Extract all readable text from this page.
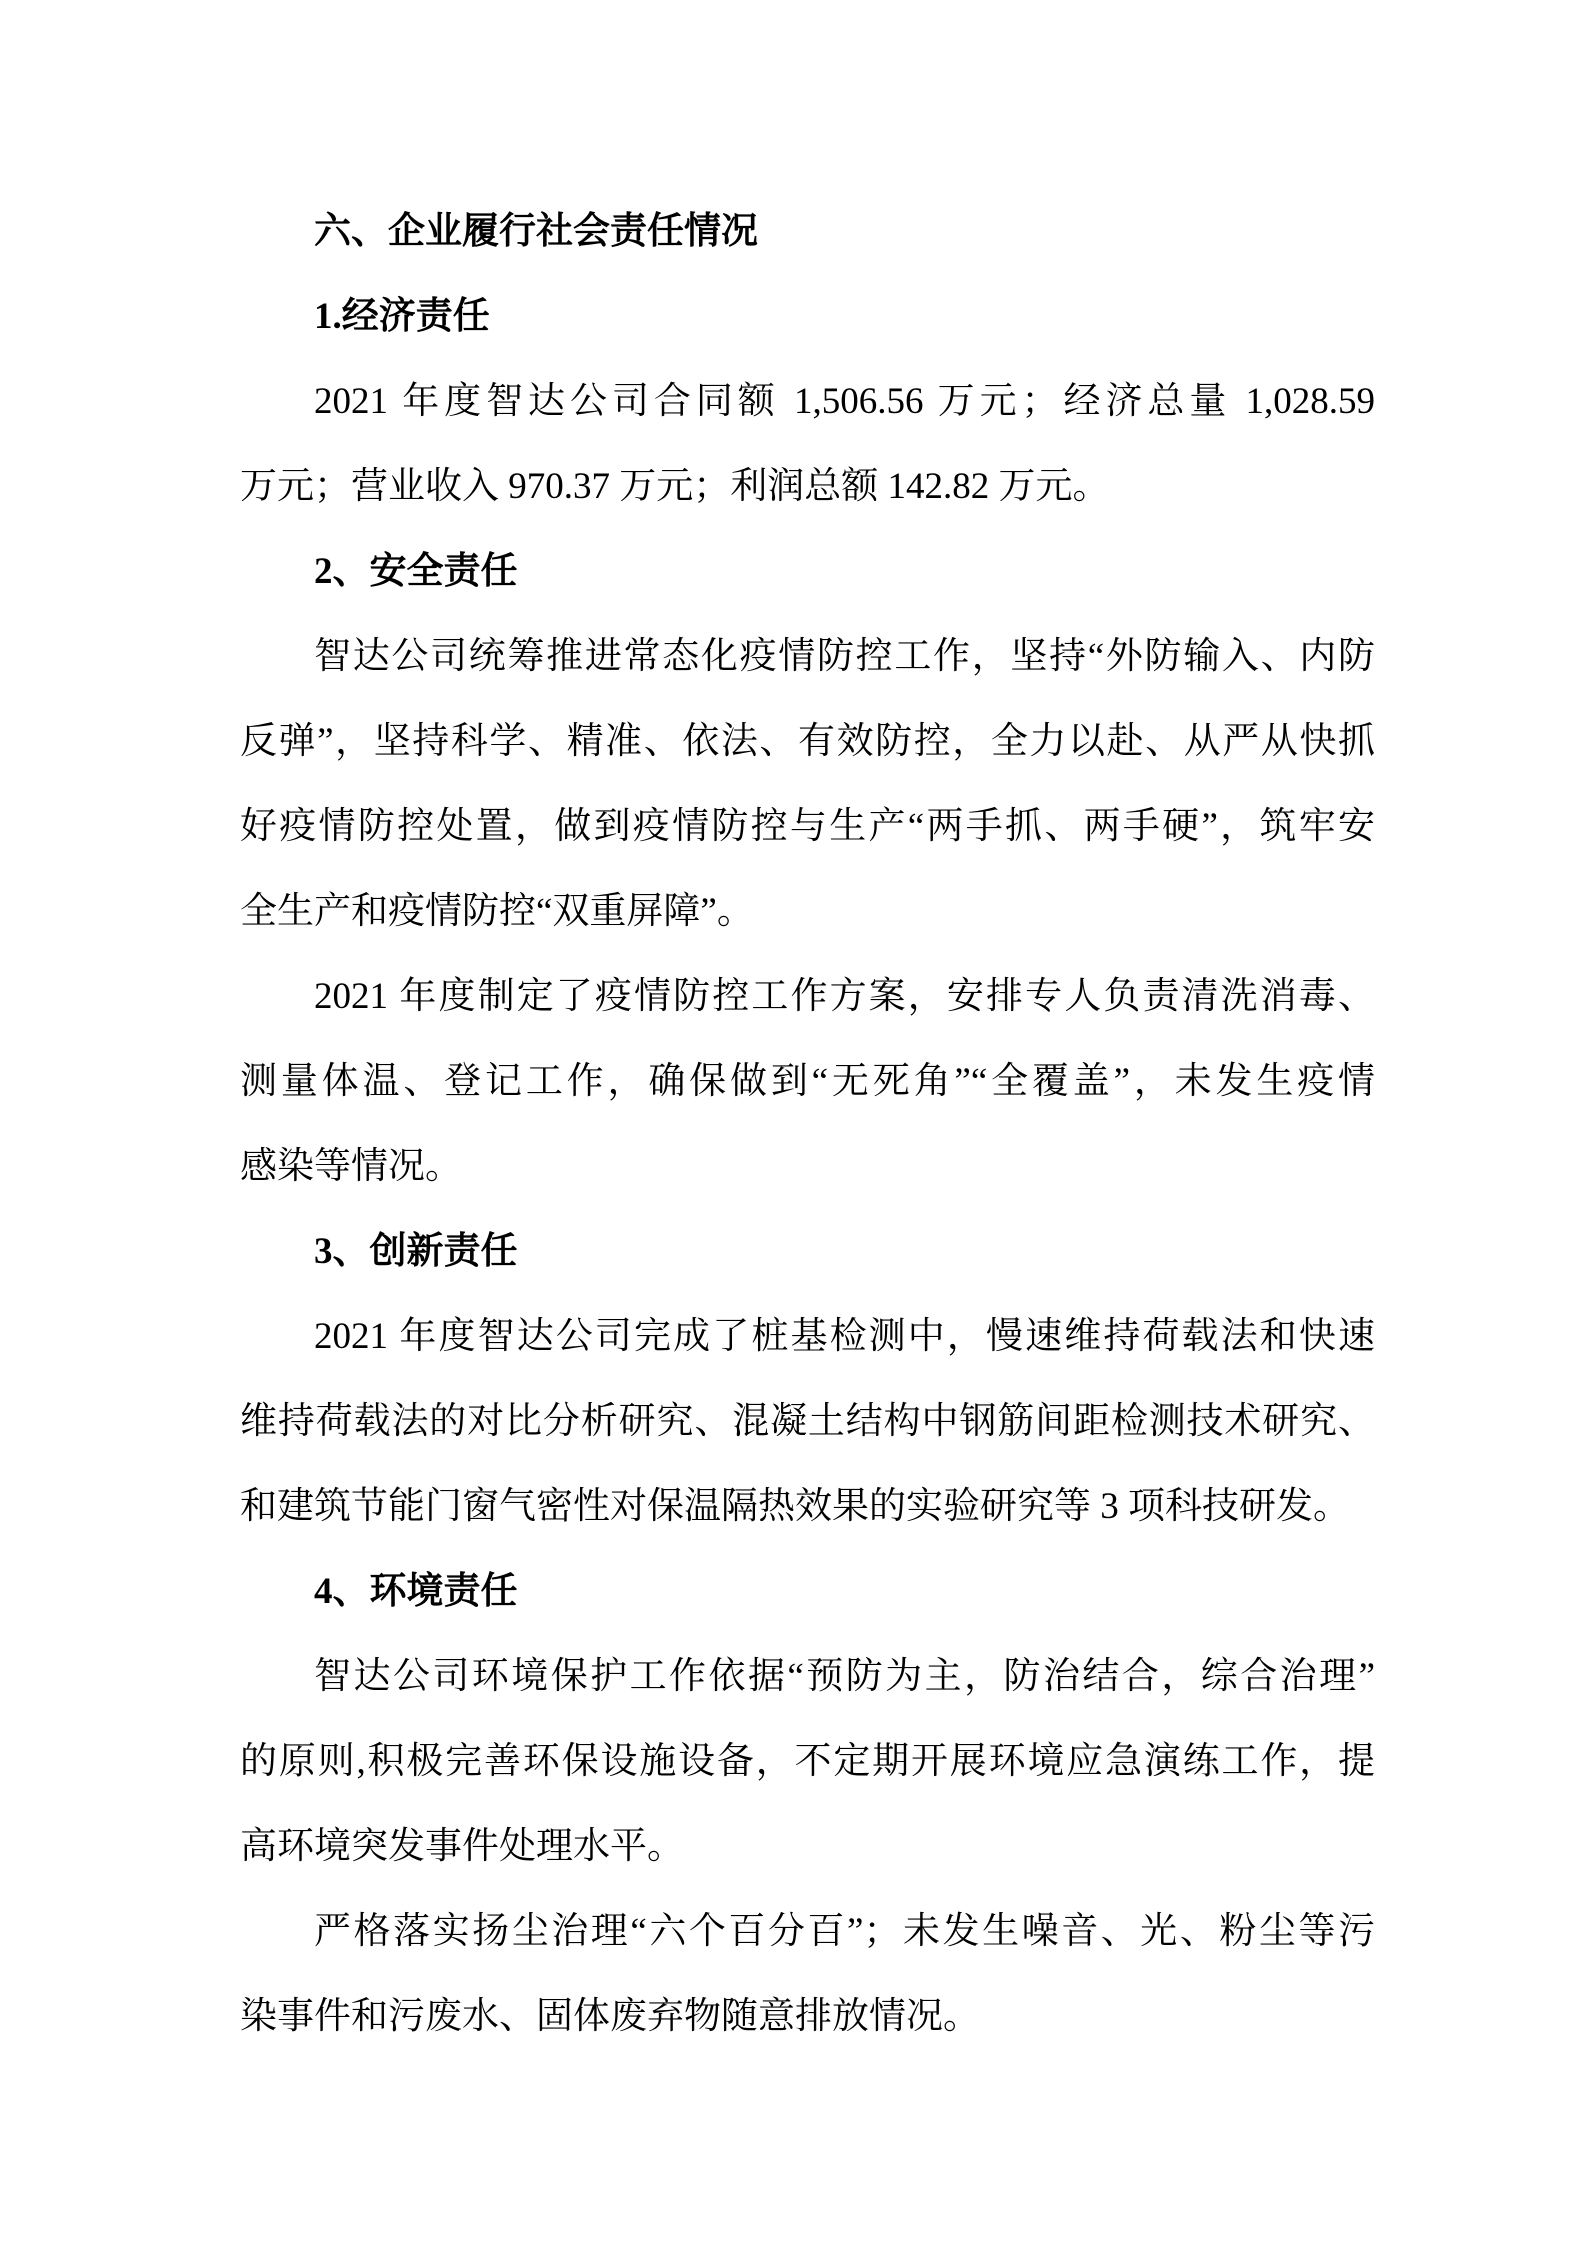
六、企业履行社会责任情况
1.经济责任
2021 年度智达公司合同额 1,506.56 万元；经济总量 1,028.59
万元；营业收入 970.37 万元；利润总额 142.82 万元。
2、安全责任
智达公司统筹推进常态化疫情防控工作，坚持“外防输入、内防
反弹”，坚持科学、精准、依法、有效防控，全力以赴、从严从快抓
好疫情防控处置，做到疫情防控与生产“两手抓、两手硬”，筑牢安
全生产和疫情防控“双重屏障”。
2021 年度制定了疫情防控工作方案，安排专人负责清洗消毒、
测量体温、登记工作，确保做到“无死角”“全覆盖”，未发生疫情
感染等情况。
3、创新责任
2021 年度智达公司完成了桩基检测中，慢速维持荷载法和快速
维持荷载法的对比分析研究、混凝土结构中钢筋间距检测技术研究、
和建筑节能门窗气密性对保温隔热效果的实验研究等 3 项科技研发。
4、环境责任
智达公司环境保护工作依据“预防为主，防治结合，综合治理”
的原则,积极完善环保设施设备，不定期开展环境应急演练工作，提
高环境突发事件处理水平。
严格落实扬尘治理“六个百分百”；未发生噪音、光、粉尘等污
染事件和污废水、固体废弃物随意排放情况。
